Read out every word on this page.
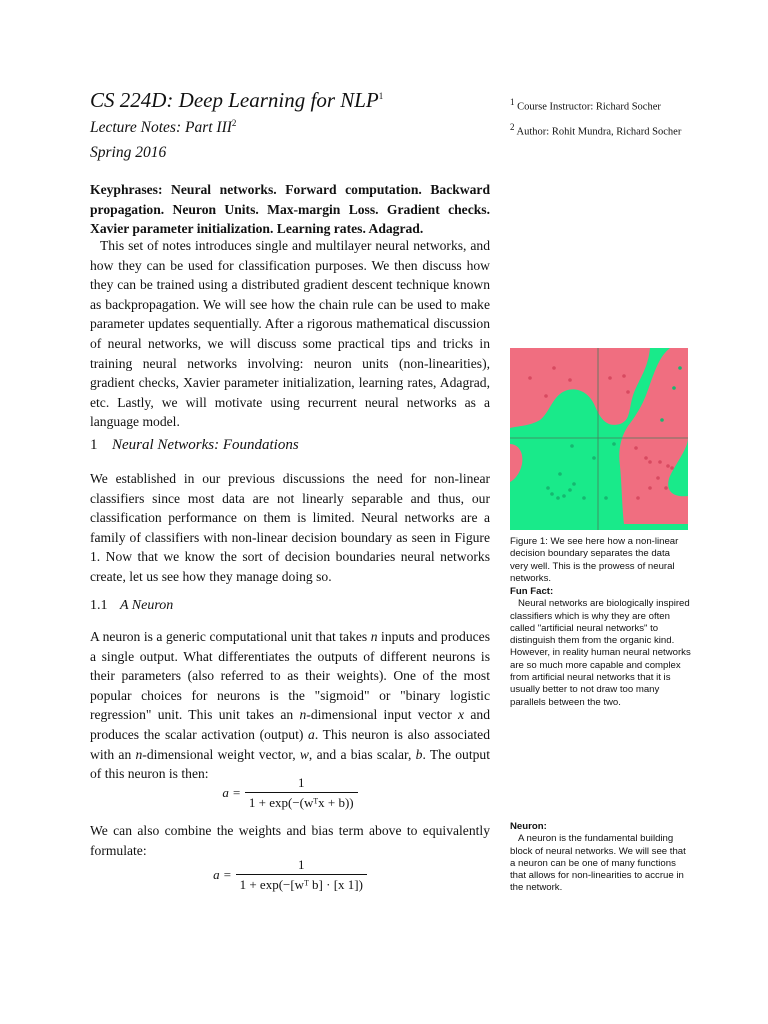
CS 224D: Deep Learning for NLP$^1$
Lecture Notes: Part III$^2$
Spring 2016
$^1$ Course Instructor: Richard Socher
$^2$ Author: Rohit Mundra, Richard Socher
Keyphrases: Neural networks. Forward computation. Backward propagation. Neuron Units. Max-margin Loss. Gradient checks. Xavier parameter initialization. Learning rates. Adagrad.

This set of notes introduces single and multilayer neural networks, and how they can be used for classification purposes. We then discuss how they can be trained using a distributed gradient descent technique known as backpropagation. We will see how the chain rule can be used to make parameter updates sequentially. After a rigorous mathematical discussion of neural networks, we will discuss some practical tips and tricks in training neural networks involving: neuron units (non-linearities), gradient checks, Xavier parameter initialization, learning rates, Adagrad, etc. Lastly, we will motivate using recurrent neural networks as a language model.

1 Neural Networks: Foundations
We established in our previous discussions the need for non-linear classifiers since most data are not linearly separable and thus, our classification performance on them is limited. Neural networks are a family of classifiers with non-linear decision boundary as seen in Figure 1. Now that we know the sort of decision boundaries neural networks create, let us see how they manage doing so.
1.1 A Neuron
A neuron is a generic computational unit that takes n inputs and produces a single output. What differentiates the outputs of different neurons is their parameters (also referred to as their weights). One of the most popular choices for neurons is the "sigmoid" or "binary logistic regression" unit. This unit takes an n-dimensional input vector x and produces the scalar activation (output) a. This neuron is also associated with an n-dimensional weight vector, w, and a bias scalar, b. The output of this neuron is then:
$a = \frac{1}{\text{1 + exp(−(wᵀx + b))}}$
We can also combine the weights and bias term above to equivalently formulate:
$a = \frac{1}{\text{1 + exp(−[wᵀ b] · [x 1])}}$
Figure 1: We see here how a non-linear decision boundary separates the data very well. This is the prowess of neural networks.
Fun Fact:
Neural networks are biologically inspired classifiers which is why they are often called "artificial neural networks" to distinguish them from the organic kind. However, in reality human neural networks are so much more capable and complex from artificial neural networks that it is usually better to not draw too many parallels between the two.
Neuron:
A neuron is the fundamental building block of neural networks. We will see that a neuron can be one of many functions that allows for non-linearities to accrue in the network.
